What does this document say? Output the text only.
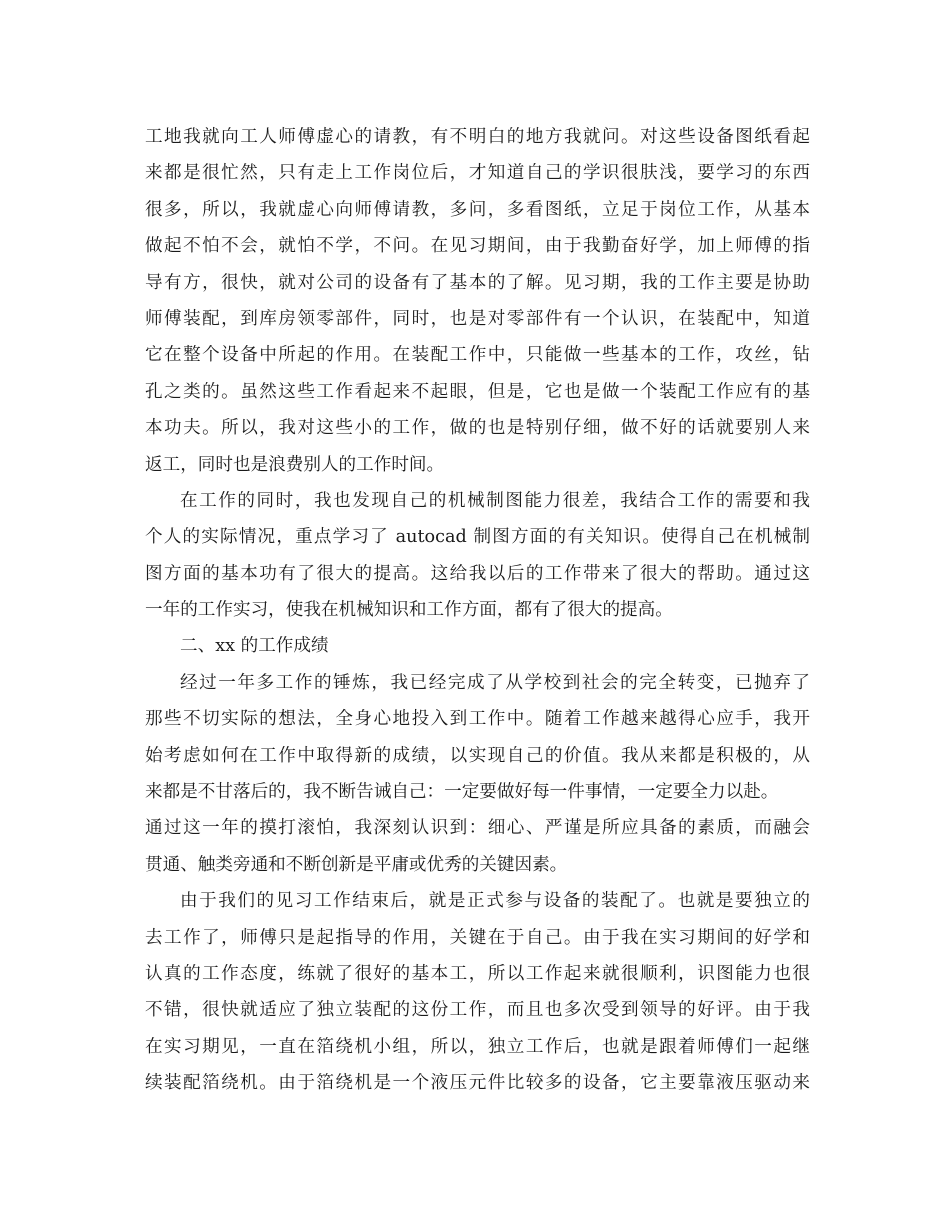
工地我就向工人师傅虚心的请教，有不明白的地方我就问。对这些设备图纸看起
来都是很忙然，只有走上工作岗位后，才知道自己的学识很肤浅，要学习的东西
很多，所以，我就虚心向师傅请教，多问，多看图纸，立足于岗位工作，从基本
做起不怕不会，就怕不学，不问。在见习期间，由于我勤奋好学，加上师傅的指
导有方，很快，就对公司的设备有了基本的了解。见习期，我的工作主要是协助
师傅装配，到库房领零部件，同时，也是对零部件有一个认识，在装配中，知道
它在整个设备中所起的作用。在装配工作中，只能做一些基本的工作，攻丝，钻
孔之类的。虽然这些工作看起来不起眼，但是，它也是做一个装配工作应有的基
本功夫。所以，我对这些小的工作，做的也是特别仔细，做不好的话就要别人来
返工，同时也是浪费别人的工作时间。
在工作的同时，我也发现自己的机械制图能力很差，我结合工作的需要和我
个人的实际情况，重点学习了 autocad 制图方面的有关知识。使得自己在机械制
图方面的基本功有了很大的提高。这给我以后的工作带来了很大的帮助。通过这
一年的工作实习，使我在机械知识和工作方面，都有了很大的提高。
二、xx 的工作成绩
经过一年多工作的锤炼，我已经完成了从学校到社会的完全转变，已抛弃了
那些不切实际的想法，全身心地投入到工作中。随着工作越来越得心应手，我开
始考虑如何在工作中取得新的成绩，以实现自己的价值。我从来都是积极的，从
来都是不甘落后的，我不断告诫自己：一定要做好每一件事情，一定要全力以赴。
通过这一年的摸打滚怕，我深刻认识到：细心、严谨是所应具备的素质，而融会
贯通、触类旁通和不断创新是平庸或优秀的关键因素。
由于我们的见习工作结束后，就是正式参与设备的装配了。也就是要独立的
去工作了，师傅只是起指导的作用，关键在于自己。由于我在实习期间的好学和
认真的工作态度，练就了很好的基本工，所以工作起来就很顺利，识图能力也很
不错，很快就适应了独立装配的这份工作，而且也多次受到领导的好评。由于我
在实习期见，一直在箔绕机小组，所以，独立工作后，也就是跟着师傅们一起继
续装配箔绕机。由于箔绕机是一个液压元件比较多的设备，它主要靠液压驱动来
